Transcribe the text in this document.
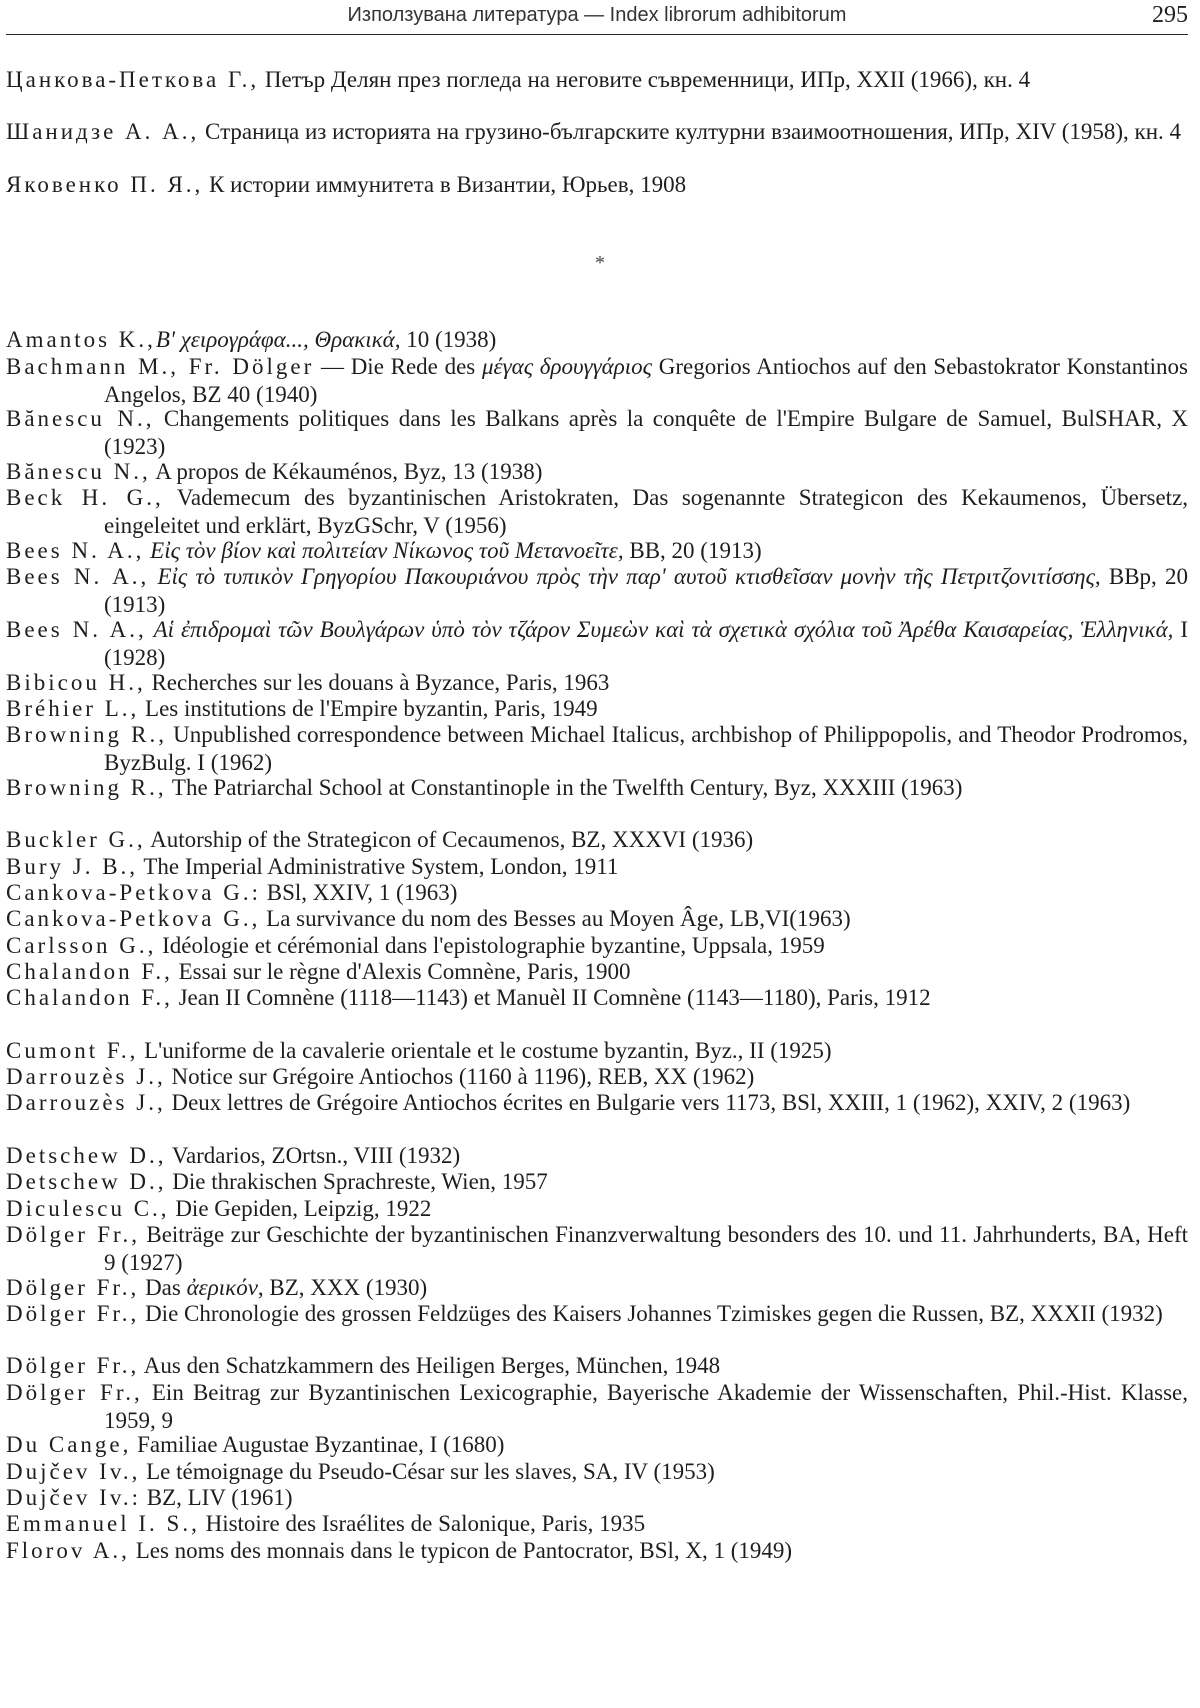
Използувана литература — Index librorum adhibitorum	295
*
Цанкова-Петкова Г., Петър Делян през погледа на неговите съвременници, ИПр, XXII (1966), кн. 4
Шанидзе А. А., Страница из историята на грузино-българските културни взаимоотношения, ИПр, XIV (1958), кн. 4
Яковенко П. Я., К истории иммунитета в Византии, Юрьев, 1908
Amantos K.,B' χειρογράφα..., Θρακικά, 10 (1938)
Bachmann M., Fr. Dölger — Die Rede des μέγας δρουγγάριος Gregorios Antiochos auf den Sebastokrator Konstantinos Angelos, BZ 40 (1940)
Bănescu N., Changements politiques dans les Balkans après la conquête de l'Empire Bulgare de Samuel, BulSHAR, X (1923)
Bănescu N., A propos de Kékauménos, Byz, 13 (1938)
Beck H. G., Vademecum des byzantinischen Aristokraten, Das sogenannte Strategicon des Kekaumenos, Übersetz, eingeleitet und erklärt, ByzGSchr, V (1956)
Bees N. A., Εἰς τὸν βίον καὶ πολιτείαν Νίκωνος τοῦ Μετανοεῖτε, BB, 20 (1913)
Bees N. A., Εἰς τὸ τυπικὸν Γρηγορίου Πακουριάνου πρὸς τὴν παρ' αυτοῦ κτισθεῖσαν μονὴν τῆς Πετριτζονιτίσσης, BBp, 20 (1913)
Bees N. A., Αἱ ἐπιδρομαὶ τῶν Βουλγάρων ὑπὸ τὸν τζάρον Συμεὼν καὶ τὰ σχετικὰ σχόλια τοῦ Ἀρέθα Καισαρείας, Ἑλληνικά, I (1928)
Bibicou H., Recherches sur les douans à Byzance, Paris, 1963
Bréhier L., Les institutions de l'Empire byzantin, Paris, 1949
Browning R., Unpublished correspondence between Michael Italicus, archbishop of Philippopolis, and Theodor Prodromos, ByzBulg. I (1962)
Browning R., The Patriarchal School at Constantinople in the Twelfth Century, Byz, XXXIII (1963)
Buckler G., Autorship of the Strategicon of Cecaumenos, BZ, XXXVI (1936)
Bury J. B., The Imperial Administrative System, London, 1911
Cankova-Petkova G.: BSl, XXIV, 1 (1963)
Cankova-Petkova G., La survivance du nom des Besses au Moyen Âge, LB,VI(1963)
Carlsson G., Idéologie et cérémonial dans l'epistolographie byzantine, Uppsala, 1959
Chalandon F., Essai sur le règne d'Alexis Comnène, Paris, 1900
Chalandon F., Jean II Comnène (1118—1143) et Manuèl II Comnène (1143—1180), Paris, 1912
Cumont F., L'uniforme de la cavalerie orientale et le costume byzantin, Byz., II (1925)
Darrouzès J., Notice sur Grégoire Antiochos (1160 à 1196), REB, XX (1962)
Darrouzès J., Deux lettres de Grégoire Antiochos écrites en Bulgarie vers 1173, BSl, XXIII, 1 (1962), XXIV, 2 (1963)
Detschew D., Vardarios, ZOrtsn., VIII (1932)
Detschew D., Die thrakischen Sprachreste, Wien, 1957
Diculescu C., Die Gepiden, Leipzig, 1922
Dölger Fr., Beiträge zur Geschichte der byzantinischen Finanzverwaltung besonders des 10. und 11. Jahrhunderts, BA, Heft 9 (1927)
Dölger Fr., Das ἀερικόν, BZ, XXX (1930)
Dölger Fr., Die Chronologie des grossen Feldzüges des Kaisers Johannes Tzimiskes gegen die Russen, BZ, XXXII (1932)
Dölger Fr., Aus den Schatzkammern des Heiligen Berges, München, 1948
Dölger Fr., Ein Beitrag zur Byzantinischen Lexicographie, Bayerische Akademie der Wissenschaften, Phil.-Hist. Klasse, 1959, 9
Du Cange, Familiae Augustae Byzantinae, I (1680)
Dujčev Iv., Le témoignage du Pseudo-César sur les slaves, SA, IV (1953)
Dujčev Iv.: BZ, LIV (1961)
Emmanuel I. S., Histoire des Israélites de Salonique, Paris, 1935
Florov A., Les noms des monnais dans le typicon de Pantocrator, BSl, X, 1 (1949)
